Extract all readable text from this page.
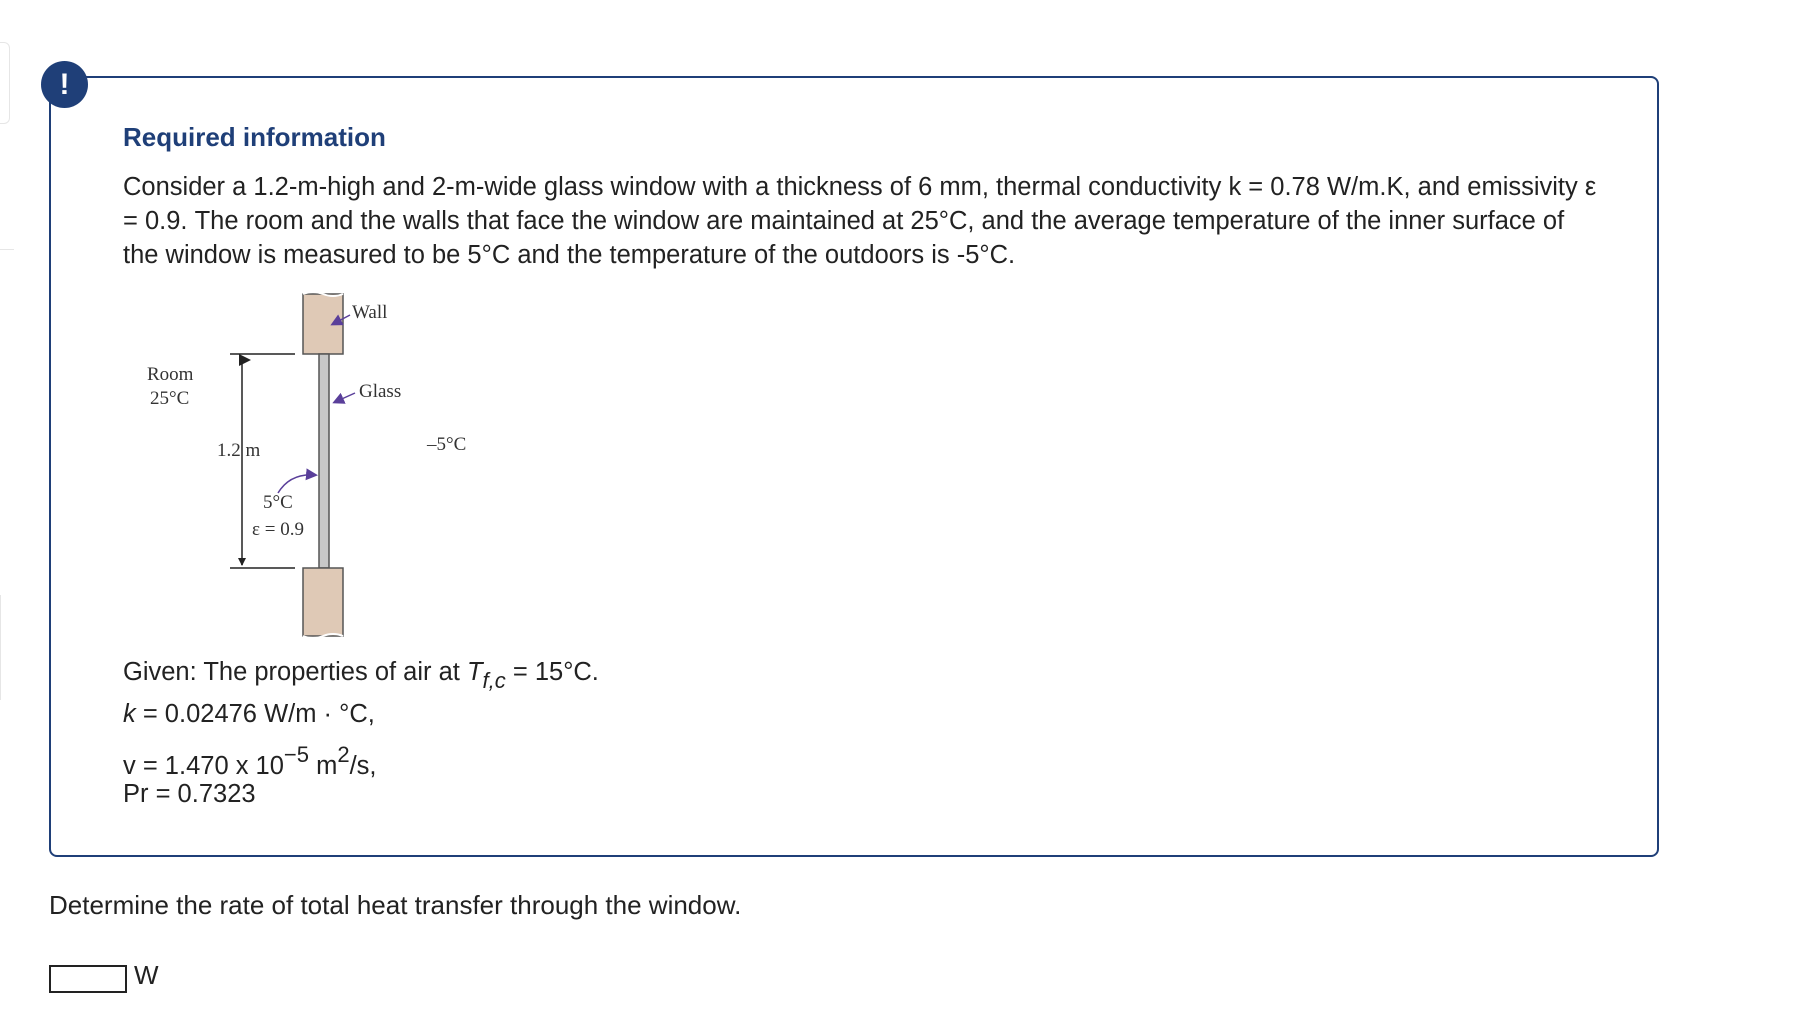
!
Required information

Consider a 1.2-m-high and 2-m-wide glass window with a thickness of 6 mm, thermal conductivity k = 0.78 W/m.K, and emissivity ε = 0.9. The room and the walls that face the window are maintained at 25°C, and the average temperature of the inner surface of the window is measured to be 5°C and the temperature of the outdoors is -5°C.

Wall
Glass
Room
25°C
–5°C
1.2 m
5°C
ε = 0.9
Given: The properties of air at $T_{f,c} = 15^\circ C$.
k = 0.02476 W/m · °C,
v = 1.470 x $10^{-5}$ $m^2/s$,
Pr = 0.7323

Determine the rate of total heat transfer through the window.

W
